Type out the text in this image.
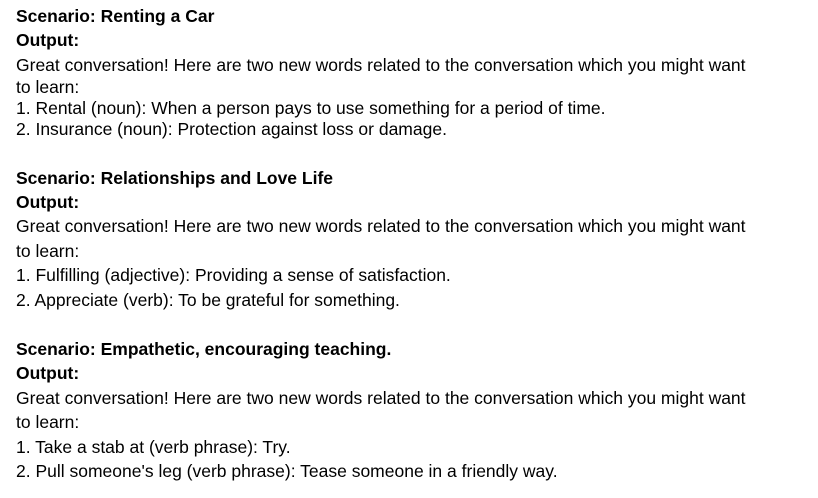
Scenario: Renting a Car
Output:
Great conversation! Here are two new words related to the conversation which you might want
to learn:
1. Rental (noun): When a person pays to use something for a period of time.
2. Insurance (noun): Protection against loss or damage.
Scenario: Relationships and Love Life
Output:
Great conversation! Here are two new words related to the conversation which you might want
to learn:
1. Fulfilling (adjective): Providing a sense of satisfaction.
2. Appreciate (verb): To be grateful for something.
Scenario: Empathetic, encouraging teaching.
Output:
Great conversation! Here are two new words related to the conversation which you might want
to learn:
1. Take a stab at (verb phrase): Try.
2. Pull someone's leg (verb phrase): Tease someone in a friendly way.
